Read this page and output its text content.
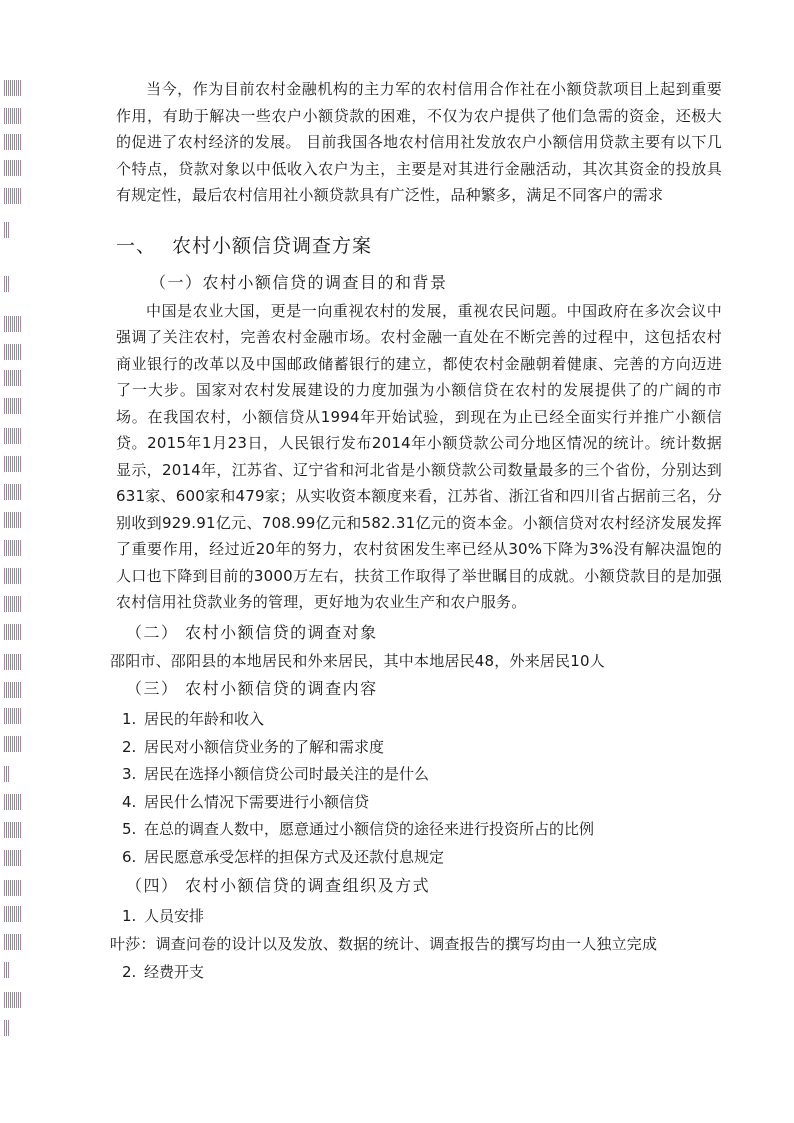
当今，作为目前农村金融机构的主力军的农村信用合作社在小额贷款项目上起到重要作用，有助于解决一些农户小额贷款的困难，不仅为农户提供了他们急需的资金，还极大的促进了农村经济的发展。 目前我国各地农村信用社发放农户小额信用贷款主要有以下几个特点，贷款对象以中低收入农户为主，主要是对其进行金融活动，其次其资金的投放具有规定性，最后农村信用社小额贷款具有广泛性，品种繁多，满足不同客户的需求

一、 农村小额信贷调查方案
（一）农村小额信贷的调查目的和背景

中国是农业大国，更是一向重视农村的发展，重视农民问题。中国政府在多次会议中强调了关注农村，完善农村金融市场。农村金融一直处在不断完善的过程中，这包括农村商业银行的改革以及中国邮政储蓄银行的建立，都使农村金融朝着健康、完善的方向迈进了一大步。国家对农村发展建设的力度加强为小额信贷在农村的发展提供了的广阔的市场。在我国农村，小额信贷从1994年开始试验，到现在为止已经全面实行并推广小额信贷。2015年1月23日，人民银行发布2014年小额贷款公司分地区情况的统计。统计数据显示，2014年，江苏省、辽宁省和河北省是小额贷款公司数量最多的三个省份，分别达到631家、600家和479家；从实收资本额度来看，江苏省、浙江省和四川省占据前三名，分别收到929.91亿元、708.99亿元和582.31亿元的资本金。小额信贷对农村经济发展发挥了重要作用，经过近20年的努力，农村贫困发生率已经从30%下降为3%没有解决温饱的人口也下降到目前的3000万左右，扶贫工作取得了举世瞩目的成就。小额贷款目的是加强农村信用社贷款业务的管理，更好地为农业生产和农户服务。

（二） 农村小额信贷的调查对象

邵阳市、邵阳县的本地居民和外来居民，其中本地居民48，外来居民10人

（三） 农村小额信贷的调查内容
1. 居民的年龄和收入
2. 居民对小额信贷业务的了解和需求度
3. 居民在选择小额信贷公司时最关注的是什么
4. 居民什么情况下需要进行小额信贷
5. 在总的调查人数中，愿意通过小额信贷的途径来进行投资所占的比例
6. 居民愿意承受怎样的担保方式及还款付息规定
（四） 农村小额信贷的调查组织及方式
1. 人员安排

叶莎：调查问卷的设计以及发放、数据的统计、调查报告的撰写均由一人独立完成

2. 经费开支
